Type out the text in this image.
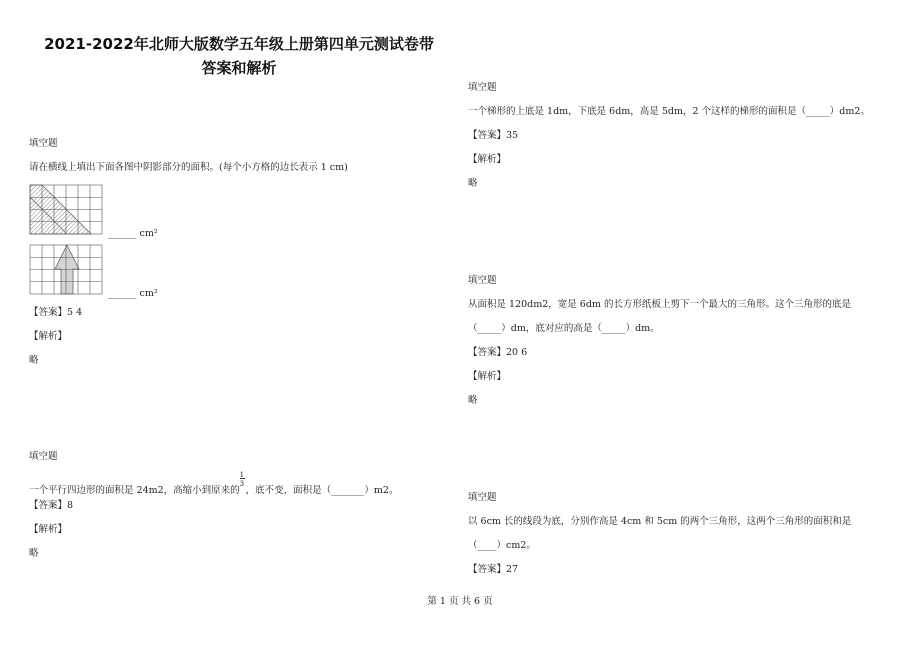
2021-2022年北师大版数学五年级上册第四单元测试卷带
答案和解析
填空题
请在横线上填出下面各图中阴影部分的面积。(每个小方格的边长表示 1 cm)
______ cm²
______ cm²
【答案】5 4
【解析】
略
填空题
一个平行四边形的面积是 24m2，高缩小到原来的 $\frac{1}{3}$ ，底不变，面积是（_______）m2。
【答案】8
【解析】
略
填空题
一个梯形的上底是 1dm，下底是 6dm，高是 5dm，2 个这样的梯形的面积是（_____）dm2。
【答案】35
【解析】
略
填空题
从面积是 120dm2，宽是 6dm 的长方形纸板上剪下一个最大的三角形。这个三角形的底是
（_____）dm，底对应的高是（_____）dm。
【答案】20 6
【解析】
略
填空题
以 6cm 长的线段为底，分别作高是 4cm 和 5cm 的两个三角形，这两个三角形的面积和是
（____）cm2。
【答案】27
第 1 页 共 6 页
